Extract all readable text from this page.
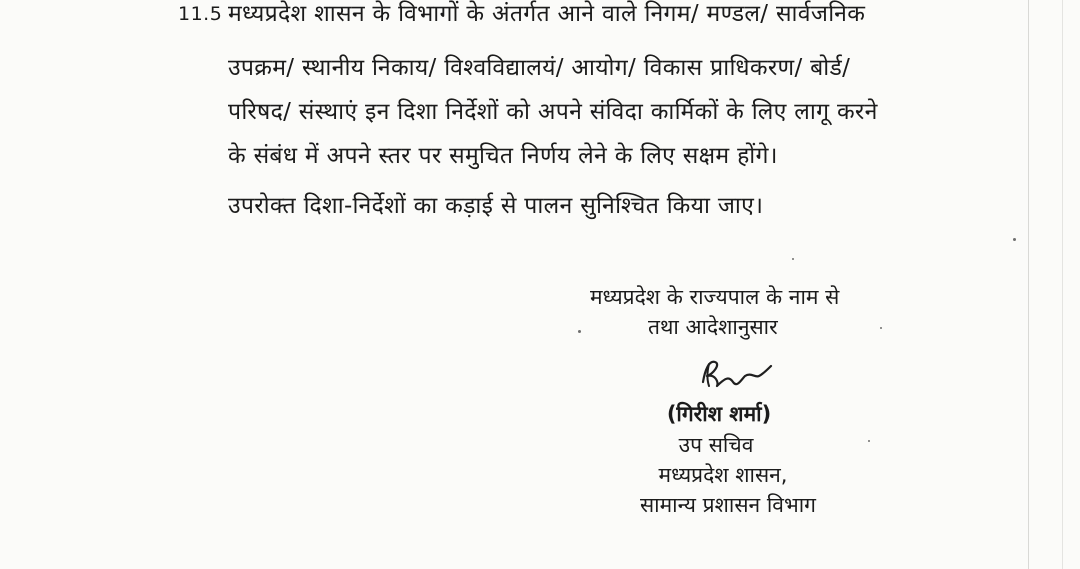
11.5 मध्यप्रदेश शासन के विभागों के अंतर्गत आने वाले निगम/ मण्डल/ सार्वजनिक
उपक्रम/ स्थानीय निकाय/ विश्वविद्यालयं/ आयोग/ विकास प्राधिकरण/ बोर्ड/
परिषद/ संस्थाएं इन दिशा निर्देशों को अपने संविदा कार्मिकों के लिए लागू करने
के संबंध में अपने स्तर पर समुचित निर्णय लेने के लिए सक्षम होंगे।
उपरोक्त दिशा-निर्देशों का कड़ाई से पालन सुनिश्चित किया जाए।
मध्यप्रदेश के राज्यपाल के नाम से
तथा आदेशानुसार
(गिरीश शर्मा)
उप सचिव
मध्यप्रदेश शासन,
सामान्य प्रशासन विभाग
